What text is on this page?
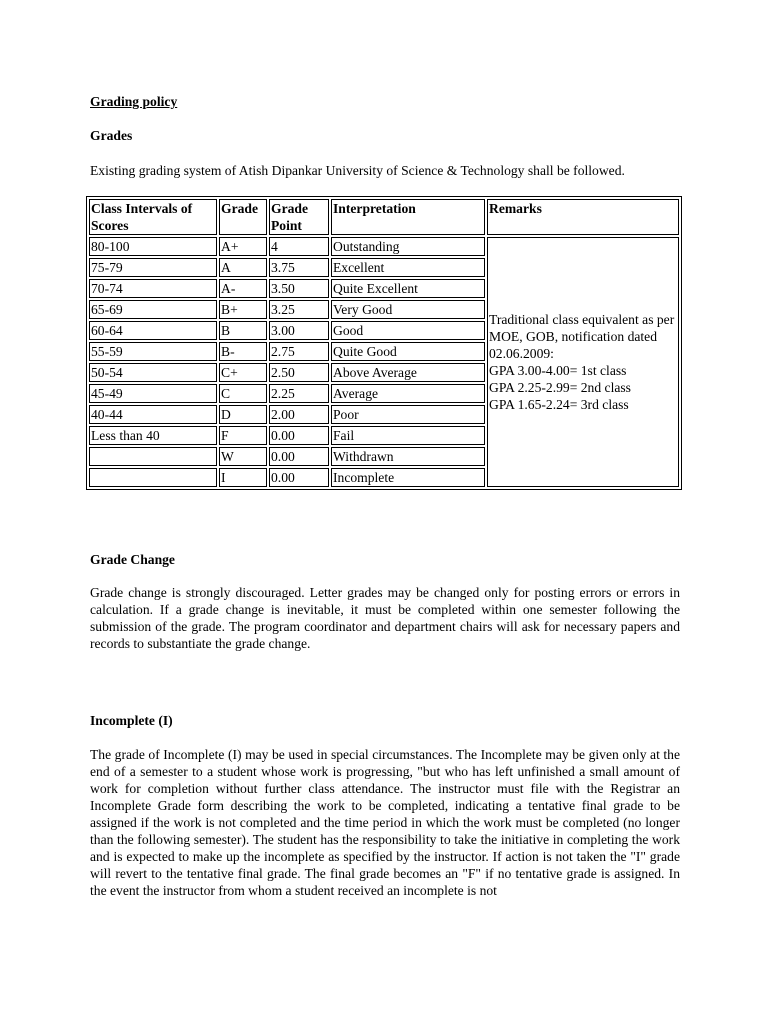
Grading policy
Grades
Existing grading system of Atish Dipankar University of Science & Technology shall be followed.
Class Intervals of Scores	Grade	Grade Point	Interpretation	Remarks
80-100	A+	4	Outstanding	Traditional class equivalent as per MOE, GOB, notification dated 02.06.2009:
GPA 3.00-4.00= 1st class
GPA 2.25-2.99= 2nd class
GPA 1.65-2.24= 3rd class

75-79	A	3.75	Excellent	
70-74	A-	3.50	Quite Excellent	
65-69	B+	3.25	Very Good	
60-64	B	3.00	Good	
55-59	B-	2.75	Quite Good	
50-54	C+	2.50	Above Average	
45-49	C	2.25	Average	
40-44	D	2.00	Poor	
Less than 40	F	0.00	Fail	
	W	0.00	Withdrawn	
	I	0.00	Incomplete	
Grade Change
Grade change is strongly discouraged. Letter grades may be changed only for posting errors or errors in calculation. If a grade change is inevitable, it must be completed within one semester following the submission of the grade. The program coordinator and department chairs will ask for necessary papers and records to substantiate the grade change.
Incomplete (I)
The grade of Incomplete (I) may be used in special circumstances. The Incomplete may be given only at the end of a semester to a student whose work is progressing, "but who has left unfinished a small amount of work for completion without further class attendance. The instructor must file with the Registrar an Incomplete Grade form describing the work to be completed, indicating a tentative final grade to be assigned if the work is not completed and the time period in which the work must be completed (no longer than the following semester). The student has the responsibility to take the initiative in completing the work and is expected to make up the incomplete as specified by the instructor. If action is not taken the "I" grade will revert to the tentative final grade. The final grade becomes an "F" if no tentative grade is assigned. In the event the instructor from whom a student received an incomplete is not
